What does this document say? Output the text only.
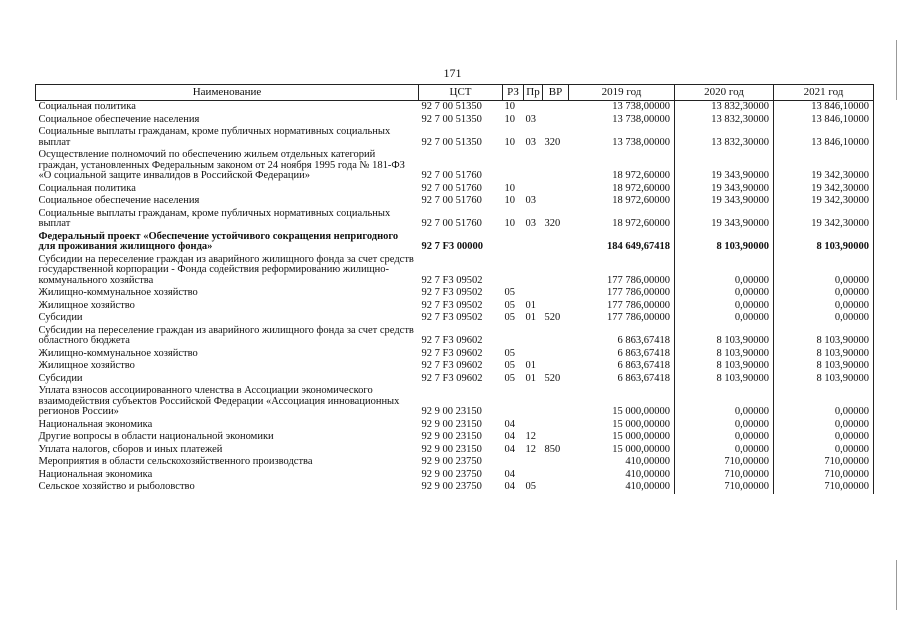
171
Наименование	ЦСТ	РЗ	Пр	ВР	2019 год	2020 год	2021 год
Социальная политика	92 7 00 51350	10			13 738,00000	13 832,30000	13 846,10000
Социальное обеспечение населения	92 7 00 51350	10	03		13 738,00000	13 832,30000	13 846,10000
Социальные выплаты гражданам, кроме публичных нормативных социальных выплат	92 7 00 51350	10	03	320	13 738,00000	13 832,30000	13 846,10000
Осуществление полномочий по обеспечению жильем отдельных категорий граждан, установленных Федеральным законом от 24 ноября 1995 года № 181-ФЗ «О социальной защите инвалидов в Российской Федерации»	92 7 00 51760				18 972,60000	19 343,90000	19 342,30000
Социальная политика	92 7 00 51760	10			18 972,60000	19 343,90000	19 342,30000
Социальное обеспечение населения	92 7 00 51760	10	03		18 972,60000	19 343,90000	19 342,30000
Социальные выплаты гражданам, кроме публичных нормативных социальных выплат	92 7 00 51760	10	03	320	18 972,60000	19 343,90000	19 342,30000
Федеральный проект «Обеспечение устойчивого сокращения непригодного для проживания жилищного фонда»	92 7 F3 00000				184 649,67418	8 103,90000	8 103,90000
Субсидии на переселение граждан из аварийного жилищного фонда за счет средств государственной корпорации - Фонда содействия реформированию жилищно-коммунального хозяйства	92 7 F3 09502				177 786,00000	0,00000	0,00000
Жилищно-коммунальное хозяйство	92 7 F3 09502	05			177 786,00000	0,00000	0,00000
Жилищное хозяйство	92 7 F3 09502	05	01		177 786,00000	0,00000	0,00000
Субсидии	92 7 F3 09502	05	01	520	177 786,00000	0,00000	0,00000
Субсидии на переселение граждан из аварийного жилищного фонда за счет средств областного бюджета	92 7 F3 09602				6 863,67418	8 103,90000	8 103,90000
Жилищно-коммунальное хозяйство	92 7 F3 09602	05			6 863,67418	8 103,90000	8 103,90000
Жилищное хозяйство	92 7 F3 09602	05	01		6 863,67418	8 103,90000	8 103,90000
Субсидии	92 7 F3 09602	05	01	520	6 863,67418	8 103,90000	8 103,90000
Уплата взносов ассоциированного членства в Ассоциации экономического взаимодействия субъектов Российской Федерации «Ассоциация инновационных регионов России»	92 9 00 23150				15 000,00000	0,00000	0,00000
Национальная экономика	92 9 00 23150	04			15 000,00000	0,00000	0,00000
Другие вопросы в области национальной экономики	92 9 00 23150	04	12		15 000,00000	0,00000	0,00000
Уплата налогов, сборов и иных платежей	92 9 00 23150	04	12	850	15 000,00000	0,00000	0,00000
Мероприятия в области сельскохозяйственного производства	92 9 00 23750				410,00000	710,00000	710,00000
Национальная экономика	92 9 00 23750	04			410,00000	710,00000	710,00000
Сельское хозяйство и рыболовство	92 9 00 23750	04	05		410,00000	710,00000	710,00000
